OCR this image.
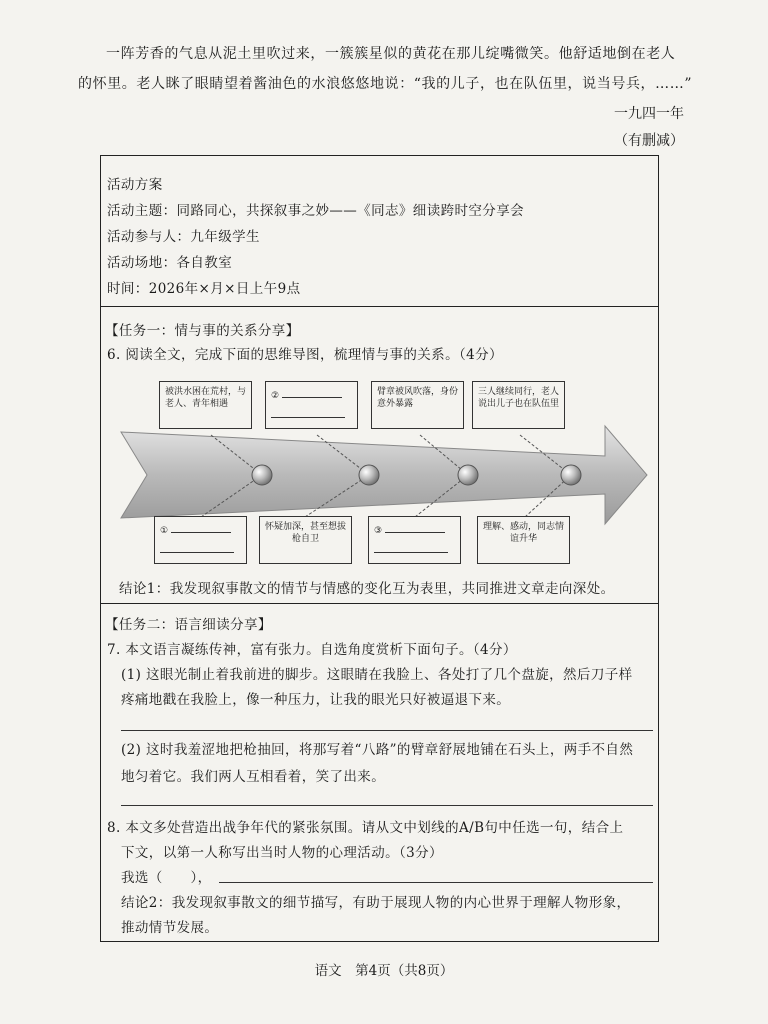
一阵芳香的气息从泥土里吹过来，一簇簇星似的黄花在那儿绽嘴微笑。他舒适地倒在老人
的怀里。老人眯了眼睛望着酱油色的水浪悠悠地说：“我的儿子，也在队伍里，说当号兵，……”
一九四一年
（有删减）
活动方案
活动主题：同路同心，共探叙事之妙——《同志》细读跨时空分享会
活动参与人：九年级学生
活动场地：各自教室
时间：2026年×月×日上午9点
【任务一：情与事的关系分享】
6. 阅读全文，完成下面的思维导图，梳理情与事的关系。（4分）
被洪水困在荒村，与老人、青年相遇
②	臂章被风吹落，身份意外暴露
三人继续同行，老人说出儿子也在队伍里
①	怀疑加深，甚至想拔枪自卫
③	理解、感动，同志情谊升华
结论1：我发现叙事散文的情节与情感的变化互为表里，共同推进文章走向深处。
【任务二：语言细读分享】
7. 本文语言凝练传神，富有张力。自选角度赏析下面句子。（4分）
(1) 这眼光制止着我前进的脚步。这眼睛在我脸上、各处打了几个盘旋，然后刀子样
疼痛地戳在我脸上，像一种压力，让我的眼光只好被逼退下来。
(2) 这时我羞涩地把枪抽回，将那写着“八路”的臂章舒展地铺在石头上，两手不自然
地匀着它。我们两人互相看着，笑了出来。
8. 本文多处营造出战争年代的紧张氛围。请从文中划线的A/B句中任选一句，结合上
下文，以第一人称写出当时人物的心理活动。（3分）
我选（　　），
结论2：我发现叙事散文的细节描写，有助于展现人物的内心世界于理解人物形象，
推动情节发展。
语文　第4页（共8页）
